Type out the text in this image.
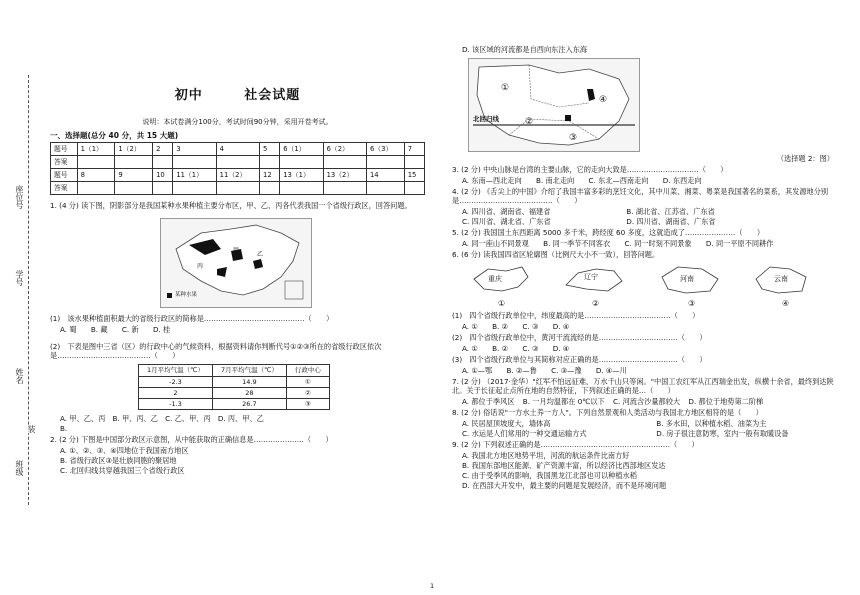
座位号
学号
姓名
班级
装
初中	社会试题
说明：本试卷满分100分，考试时间90分钟，采用开卷考试。
一、选择题(总分 40 分，共 15 大题)
题号	1（1）	1（2）	2	3	4	5	6（1）	6（2）	6（3）	7
答案										
题号	8	9	10	11（1）	11（2）	12	13（1）	13（2）	14	15
答案										
1. (4 分) 读下图，阴影部分是我国某种水果种植主要分布区，甲、乙、丙各代表我国一个省级行政区，回答问题。
甲
乙
丙
某种水果
(1)　该水果种植面积最大的省级行政区的简称是……………………………………（　　）
A. 蜀 B. 藏 C. 新 D. 桂
(2)　下表是图中三省（区）的行政中心的气候资料，根据资料请你判断代号①②③所在的省级行政区依次是…………………………………（　　）
1月平均气温（℃）	7月平均气温（℃）	行政中心
-2.3	14.9	①
2	28	②
-1.3	26.7	③
A. 甲、乙、丙　B. 甲、丙、乙　C. 乙、甲、丙　D. 丙、甲、乙
B.
2. (2 分) 下图是中国部分政区示意图，从中能获取的正确信息是…………………（　　）
A. ①、②、③、④四地位于我国南方地区
B. 省级行政区③是壮族同胞的聚居地
C. 北回归线共穿越我国三个省级行政区
D. 该区域的河流都是自西向东注入东海
①
②
③
④
北回归线
（选择题 2：图）
3. (2 分) 中央山脉是台湾的主要山脉，它的走向大致是…………………………（　　）
A. 东南—西北走向 B. 南北走向 C. 东北—西南走向 D. 东西走向
4. (2 分) 《舌尖上的中国》介绍了我国丰富多彩的烹饪文化，其中川菜、湘菜、粤菜是我国著名的菜系，其发源地分别是…………………………………（　　）
A. 四川省、湖南省、福建省	B. 湖北省、江苏省、广东省
C. 四川省、湖北省、广东省	D. 四川省、湖南省、广东省
5. (2 分) 我国国土东西距离 5000 多千米，跨经度 60 多度，这就造成了…………………（　　）
A. 同一座山不同景观 B. 同一季节不同客衣 C. 同一时刻不同景象 D. 同一平原不同耕作
6. (6 分) 读我国四省区轮廓图（比例尺大小不一致），回答问题。
重庆	辽宁	河南	云南
①	②	③	④
(1)　四个省级行政单位中，纬度最高的是………………………………（　　）
A. ① B. ② C. ③ D. ④
(2)　四个省级行政单位中，黄河干流流经的是……………………………（　　）
A. ① B. ② C. ③ D. ④
(3)　四个省级行政单位与其简称对应正确的是……………………………（　　）
A. ①—鄂 B. ②—鲁 C. ③—豫 D. ④—川
7. (2 分) （2017·金华）"红军不怕远征难，万水千山只等闲。"中国工农红军从江西瑞金出发，纵横十余省，最终到达陕北。关于长征起止点所在地的自然特征，下列叙述正确的是…（　　）
A. 都位于季风区 B. 一月均温都在 0℃以下 C. 河流含沙量都较大 D. 都位于地势第二阶梯
8. (2 分) 俗话说"一方水土养一方人"。下列自然景观和人类活动与我国北方地区相符的是（　　）
A. 民居屋顶坡度大，墙体高	B. 多水田，以种植水稻、油菜为主
C. 水运是人们常用的一种交通运输方式	D. 房子很注意防寒，室内一般有取暖设备
9. (2 分) 下列叙述正确的是………………………………………………（　　）
A. 我国北方地区地势平坦，河流的航运条件比南方好
B. 我国东部地区能源、矿产资源丰富，所以经济比西部地区发达
C. 由于受季风的影响，我国黑龙江北部也可以种植水稻
D. 在西部大开发中，最主要的问题是发展经济，而不是环境问题
1
